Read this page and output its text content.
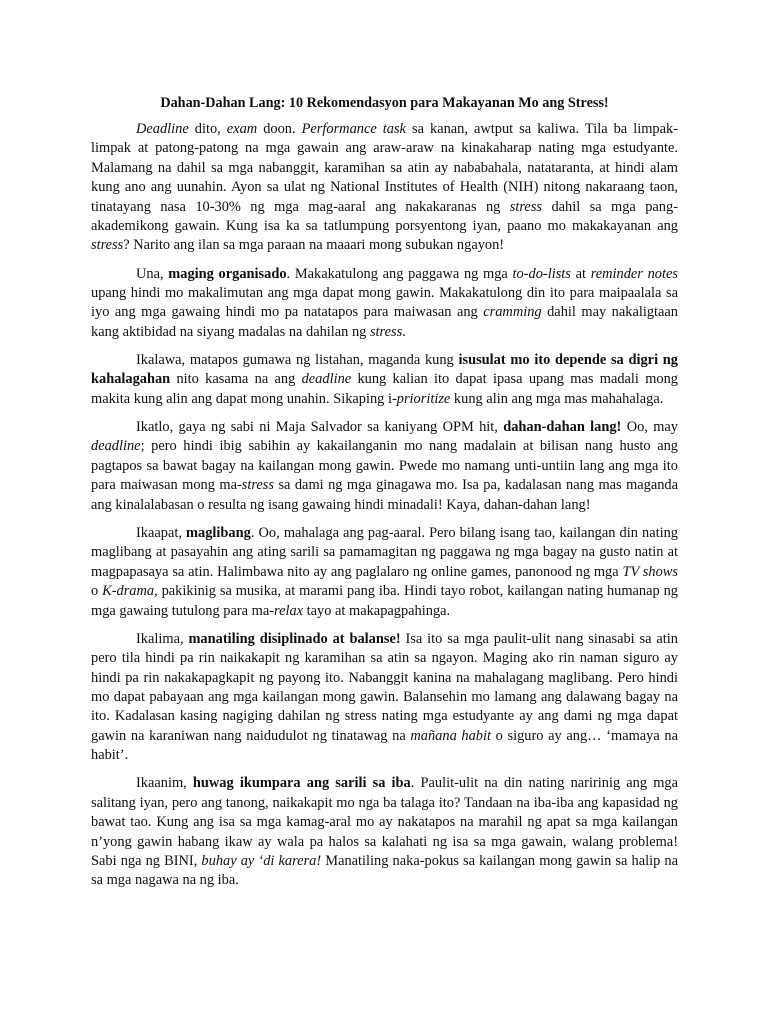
Dahan-Dahan Lang: 10 Rekomendasyon para Makayanan Mo ang Stress!

Deadline dito, exam doon. Performance task sa kanan, awtput sa kaliwa. Tila ba limpak-limpak at patong-patong na mga gawain ang araw-araw na kinakaharap nating mga estudyante. Malamang na dahil sa mga nabanggit, karamihan sa atin ay nababahala, natataranta, at hindi alam kung ano ang uunahin. Ayon sa ulat ng National Institutes of Health (NIH) nitong nakaraang taon, tinatayang nasa 10-30% ng mga mag-aaral ang nakakaranas ng stress dahil sa mga pang-akademikong gawain. Kung isa ka sa tatlumpung porsyentong iyan, paano mo makakayanan ang stress? Narito ang ilan sa mga paraan na maaari mong subukan ngayon!

Una, maging organisado. Makakatulong ang paggawa ng mga to-do-lists at reminder notes upang hindi mo makalimutan ang mga dapat mong gawin. Makakatulong din ito para maipaalala sa iyo ang mga gawaing hindi mo pa natatapos para maiwasan ang cramming dahil may nakaligtaan kang aktibidad na siyang madalas na dahilan ng stress.

Ikalawa, matapos gumawa ng listahan, maganda kung isusulat mo ito depende sa digri ng kahalagahan nito kasama na ang deadline kung kalian ito dapat ipasa upang mas madali mong makita kung alin ang dapat mong unahin. Sikaping i-prioritize kung alin ang mga mas mahahalaga.

Ikatlo, gaya ng sabi ni Maja Salvador sa kaniyang OPM hit, dahan-dahan lang! Oo, may deadline; pero hindi ibig sabihin ay kakailanganin mo nang madalain at bilisan nang husto ang pagtapos sa bawat bagay na kailangan mong gawin. Pwede mo namang unti-untiin lang ang mga ito para maiwasan mong ma-stress sa dami ng mga ginagawa mo. Isa pa, kadalasan nang mas maganda ang kinalalabasan o resulta ng isang gawaing hindi minadali! Kaya, dahan-dahan lang!

Ikaapat, maglibang. Oo, mahalaga ang pag-aaral. Pero bilang isang tao, kailangan din nating maglibang at pasayahin ang ating sarili sa pamamagitan ng paggawa ng mga bagay na gusto natin at magpapasaya sa atin. Halimbawa nito ay ang paglalaro ng online games, panonood ng mga TV shows o K-drama, pakikinig sa musika, at marami pang iba. Hindi tayo robot, kailangan nating humanap ng mga gawaing tutulong para ma-relax tayo at makapagpahinga.

Ikalima, manatiling disiplinado at balanse! Isa ito sa mga paulit-ulit nang sinasabi sa atin pero tila hindi pa rin naikakapit ng karamihan sa atin sa ngayon. Maging ako rin naman siguro ay hindi pa rin nakakapagkapit ng payong ito. Nabanggit kanina na mahalagang maglibang. Pero hindi mo dapat pabayaan ang mga kailangan mong gawin. Balansehin mo lamang ang dalawang bagay na ito. Kadalasan kasing nagiging dahilan ng stress nating mga estudyante ay ang dami ng mga dapat gawin na karaniwan nang naidudulot ng tinatawag na mañana habit o siguro ay ang… ‘mamaya na habit’.

Ikaanim, huwag ikumpara ang sarili sa iba. Paulit-ulit na din nating naririnig ang mga salitang iyan, pero ang tanong, naikakapit mo nga ba talaga ito? Tandaan na iba-iba ang kapasidad ng bawat tao. Kung ang isa sa mga kamag-aral mo ay nakatapos na marahil ng apat sa mga kailangan n’yong gawin habang ikaw ay wala pa halos sa kalahati ng isa sa mga gawain, walang problema! Sabi nga ng BINI, buhay ay ‘di karera! Manatiling naka-pokus sa kailangan mong gawin sa halip na sa mga nagawa na ng iba.
